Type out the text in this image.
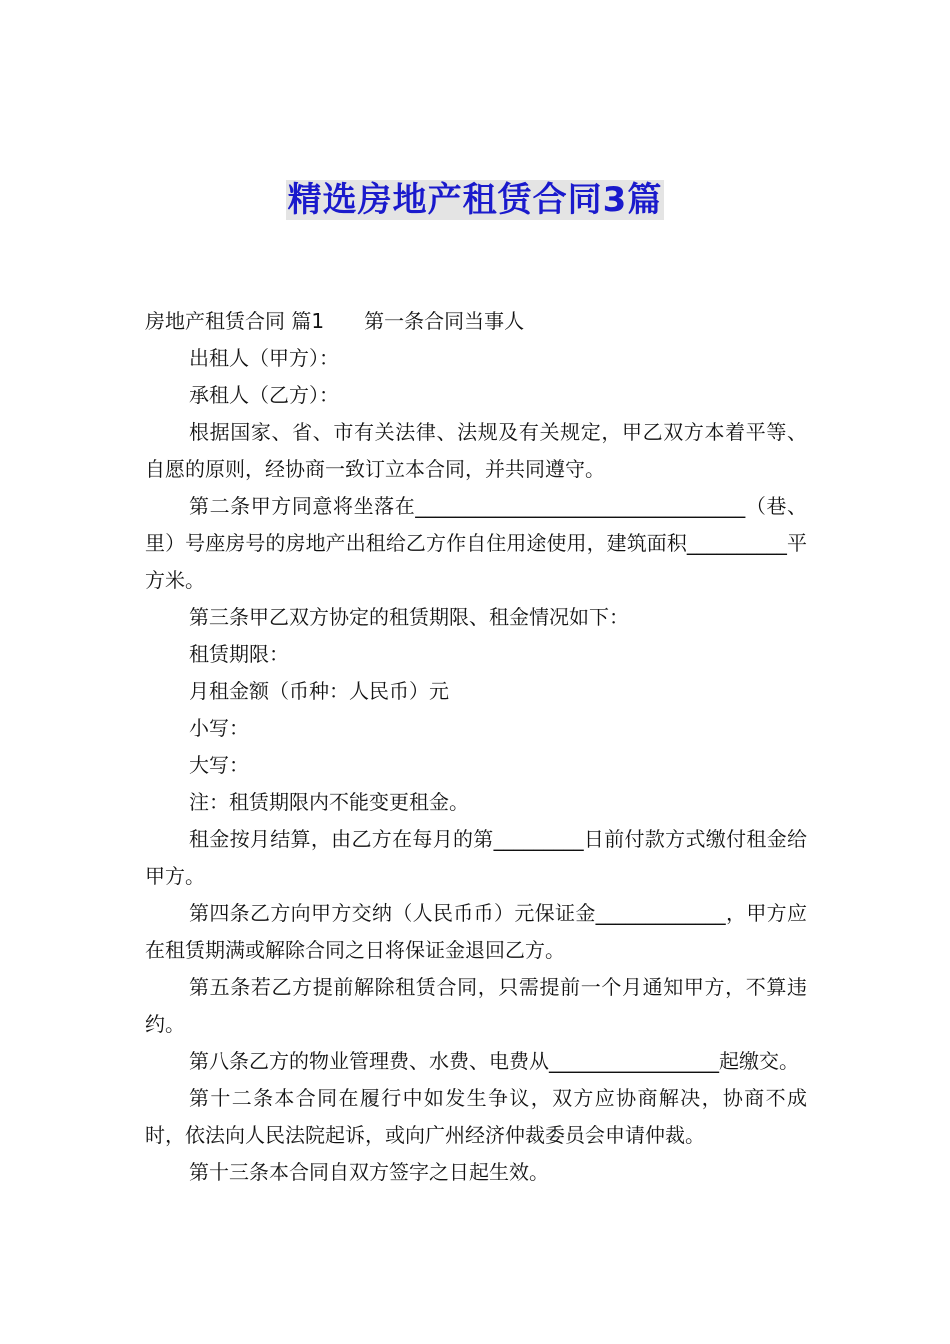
精选房地产租赁合同3篇

房地产租赁合同 篇1 第一条合同当事人

出租人（甲方）：

承租人（乙方）：

根据国家、省、市有关法律、法规及有关规定，甲乙双方本着平等、自愿的原则，经协商一致订立本合同，并共同遵守。

第二条甲方同意将坐落在_________________________________（巷、里）号座房号的房地产出租给乙方作自住用途使用，建筑面积__________平方米。

第三条甲乙双方协定的租赁期限、租金情况如下：

租赁期限：

月租金额（币种：人民币）元

小写：

大写：

注：租赁期限内不能变更租金。

租金按月结算，由乙方在每月的第_________日前付款方式缴付租金给甲方。

第四条乙方向甲方交纳（人民币币）元保证金_____________，甲方应在租赁期满或解除合同之日将保证金退回乙方。

第五条若乙方提前解除租赁合同，只需提前一个月通知甲方，不算违约。

第八条乙方的物业管理费、水费、电费从_________________起缴交。

第十二条本合同在履行中如发生争议，双方应协商解决，协商不成时，依法向人民法院起诉，或向广州经济仲裁委员会申请仲裁。

第十三条本合同自双方签字之日起生效。
